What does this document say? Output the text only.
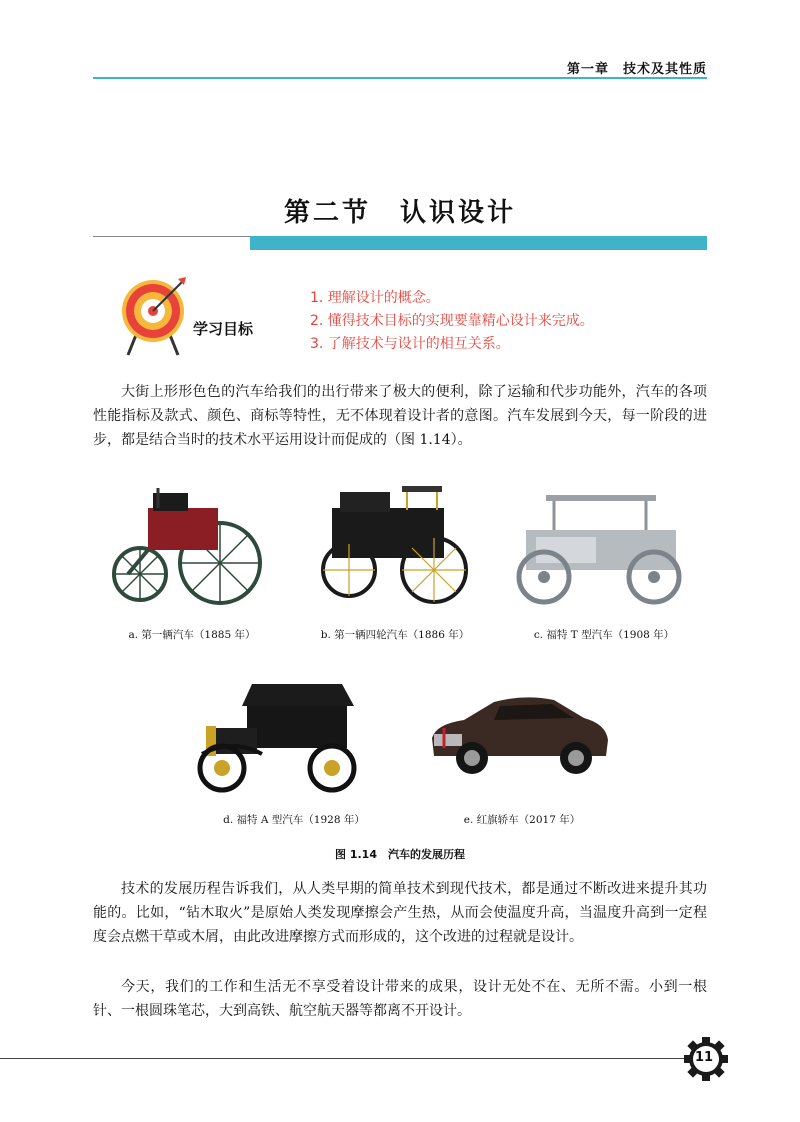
第一章　技术及其性质
第二节　认识设计
学习目标
1. 理解设计的概念。
2. 懂得技术目标的实现要靠精心设计来完成。
3. 了解技术与设计的相互关系。

大街上形形色色的汽车给我们的出行带来了极大的便利，除了运输和代步功能外，汽车的各项性能指标及款式、颜色、商标等特性，无不体现着设计者的意图。汽车发展到今天，每一阶段的进步，都是结合当时的技术水平运用设计而促成的（图 1.14）。

a. 第一辆汽车（1885 年）	b. 第一辆四轮汽车（1886 年）	c. 福特 T 型汽车（1908 年）
d. 福特 A 型汽车（1928 年）	e. 红旗轿车（2017 年）
图 1.14　汽车的发展历程

技术的发展历程告诉我们，从人类早期的简单技术到现代技术，都是通过不断改进来提升其功能的。比如，“钻木取火”是原始人类发现摩擦会产生热，从而会使温度升高，当温度升高到一定程度会点燃干草或木屑，由此改进摩擦方式而形成的，这个改进的过程就是设计。

今天，我们的工作和生活无不享受着设计带来的成果，设计无处不在、无所不需。小到一根针、一根圆珠笔芯，大到高铁、航空航天器等都离不开设计。

11
